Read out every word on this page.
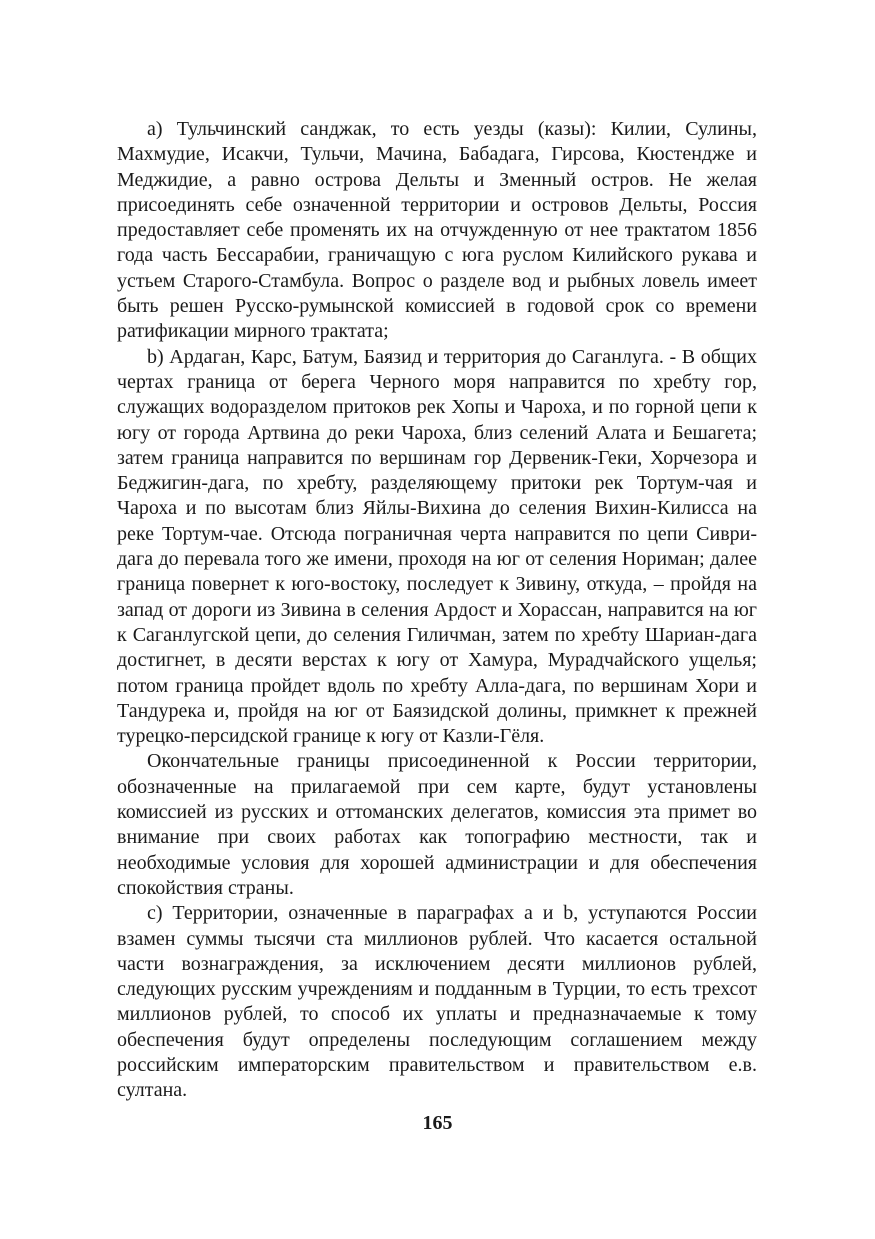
a) Тульчинский санджак, то есть уезды (казы): Килии, Сулины, Махмудие, Исакчи, Тульчи, Мачина, Бабадага, Гирсова, Кюстендже и Меджидие, а равно острова Дельты и Зменный остров. Не желая присоединять себе означенной территории и островов Дельты, Россия предоставляет себе променять их на отчужденную от нее трактатом 1856 года часть Бессарабии, граничащую с юга руслом Килийского рукава и устьем Старого-Стамбула. Вопрос о разделе вод и рыбных ловель имеет быть решен Русско-румынской комиссией в годовой срок со времени ратификации мирного трактата;

b) Ардаган, Карс, Батум, Баязид и территория до Саганлуга. - В общих чертах граница от берега Черного моря направится по хребту гор, служащих водоразделом притоков рек Хопы и Чароха, и по горной цепи к югу от города Артвина до реки Чароха, близ селений Алата и Бешагета; затем граница направится по вершинам гор Дервеник-Геки, Хорчезора и Беджигин-дага, по хребту, разделяющему притоки рек Тортум-чая и Чароха и по высотам близ Яйлы-Вихина до селения Вихин-Килисса на реке Тортум-чае. Отсюда пограничная черта направится по цепи Сиври-дага до перевала того же имени, проходя на юг от селения Нориман; далее граница повернет к юго-востоку, последует к Зивину, откуда, – пройдя на запад от дороги из Зивина в селения Ардост и Хорассан, направится на юг к Саганлугской цепи, до селения Гиличман, затем по хребту Шариан-дага достигнет, в десяти верстах к югу от Хамура, Мурадчайского ущелья; потом граница пройдет вдоль по хребту Алла-дага, по вершинам Хори и Тандурека и, пройдя на юг от Баязидской долины, примкнет к прежней турецко-персидской границе к югу от Казли-Гёля.

Окончательные границы присоединенной к России территории, обозначенные на прилагаемой при сем карте, будут установлены комиссией из русских и оттоманских делегатов, комиссия эта примет во внимание при своих работах как топографию местности, так и необходимые условия для хорошей администрации и для обеспечения спокойствия страны.

c) Территории, означенные в параграфах a и b, уступаются России взамен суммы тысячи ста миллионов рублей. Что касается остальной части вознаграждения, за исключением десяти миллионов рублей, следующих русским учреждениям и подданным в Турции, то есть трехсот миллионов рублей, то способ их уплаты и предназначаемые к тому обеспечения будут определены последующим соглашением между российским императорским правительством и правительством е.в. султана.

165
